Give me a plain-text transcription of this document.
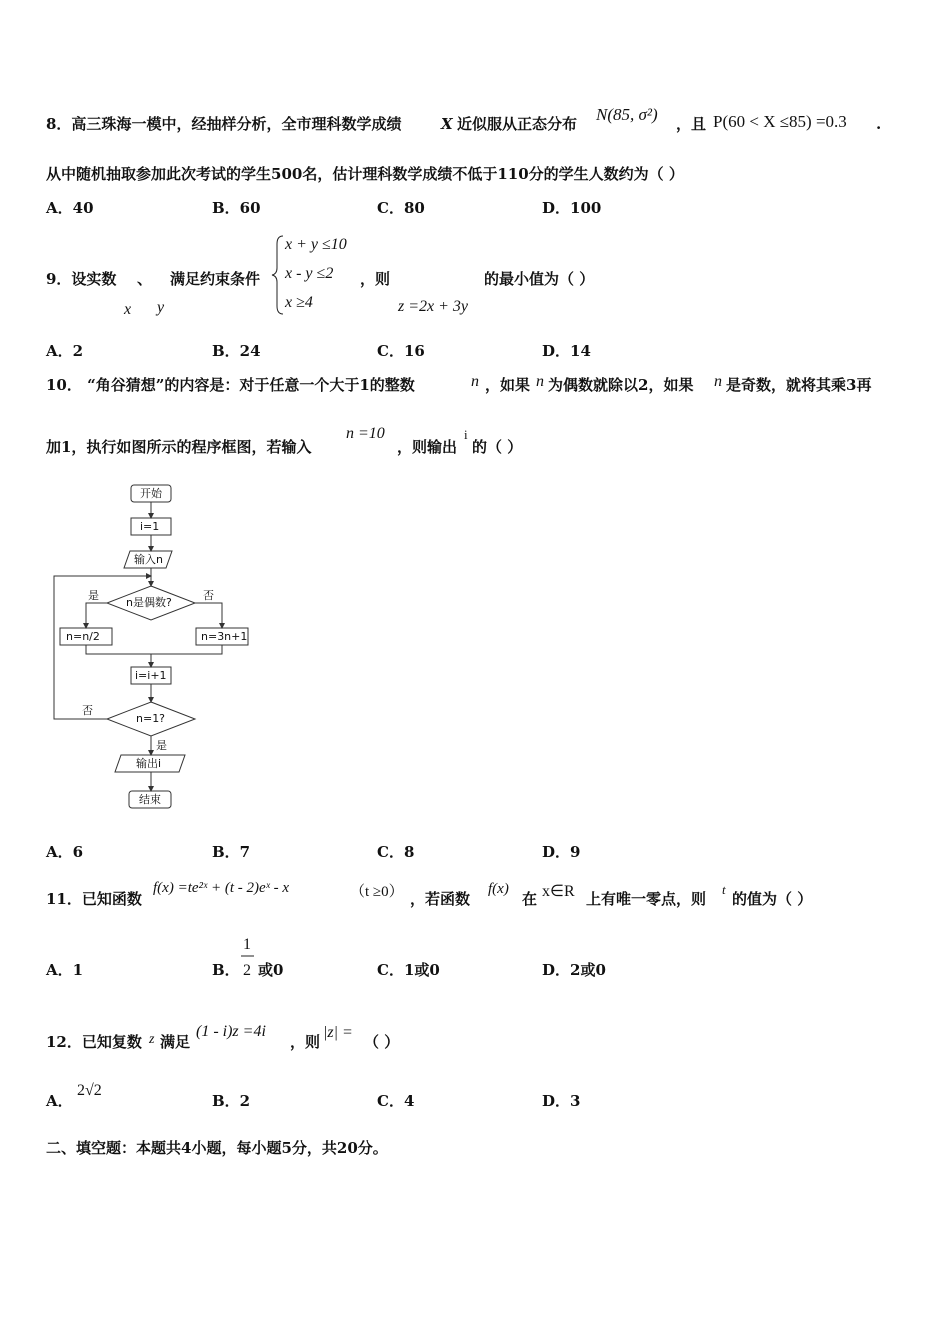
8．高三珠海一模中，经抽样分析，全市理科数学成绩	X 近似服从正态分布 N(85, σ²) ，且 P(60 < X ≤85) =0.3 .
从中随机抽取参加此次考试的学生500名，估计理科数学成绩不低于110分的学生人数约为（ ）
A．40	B．60	C．80	D．100
9．设实数 、 满足约束条件
x y
x + y ≤10
x - y ≤2
x ≥4
，则
z =2x + 3y
的最小值为（ ）
A．2	B．24	C．16	D．14
10． “角谷猜想”的内容是：对于任意一个大于1的整数	n ，如果 n 为偶数就除以2，如果 n 是奇数，就将其乘3再
加1，执行如图所示的程序框图，若输入
n =10
，则输出
i
的（ ）
开始
i=1
输入n
n是偶数?
是	否
n=n/2	n=3n+1
i=i+1
n=1?
否
是
输出i
结束
A．6	B．7	C．8	D．9
11．已知函数
f(x) =te²ˣ + (t - 2)eˣ - x	（t ≥0） ，若函数
f(x)
在 x∈R 上有唯一零点，则
t
的值为（ ）
A．1	B．
1
2 或0	C．1或0	D．2或0
12．已知复数 z 满足
(1 - i)z =4i
，则
|z| =
（ ）
A．
2√2
B．2	C．4	D．3
二、填空题：本题共4小题，每小题5分，共20分。
